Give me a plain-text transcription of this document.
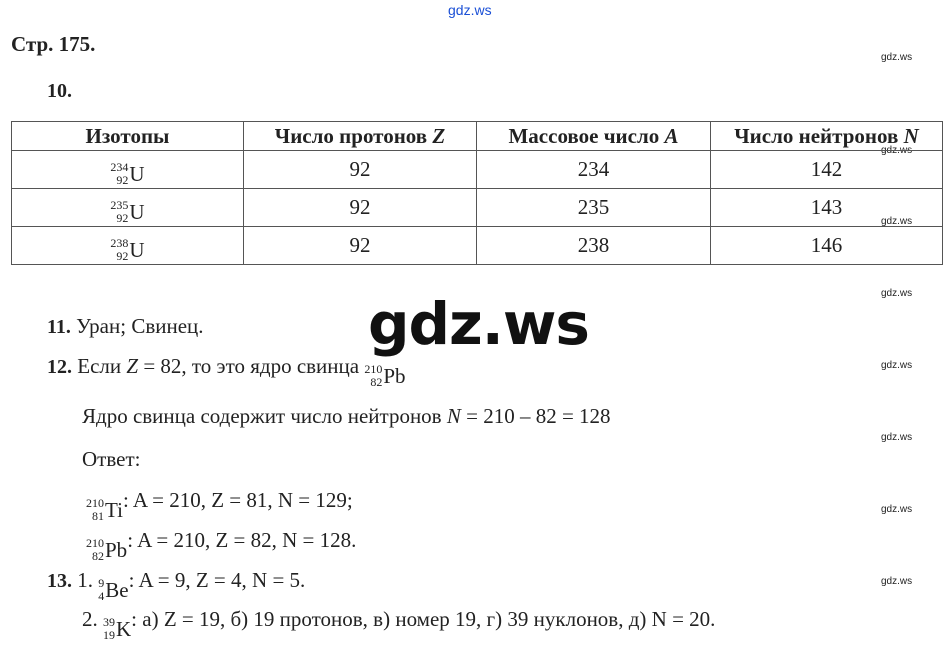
gdz.ws
Стр. 175.
gdz.ws
gdz.ws
gdz.ws
gdz.ws
gdz.ws
gdz.ws
gdz.ws
gdz.ws
10.
Изотопы	Число протонов Z	Массовое число A	Число нейтронов N

234
92 U	92	234	142

235
92 U	92	235	143

238
92 U	92	238	146
gdz.ws
11. Уран; Свинец.
12. Если Z = 82, то это ядро свинца 210
82 Pb
Ядро свинца содержит число нейтронов N = 210 – 82 = 128
Ответ:
210
81 Ti : A = 210, Z = 81, N = 129;
210
82 Pb : A = 210, Z = 82, N = 128.
13. 1. 9
4 Be : A = 9, Z = 4, N = 5.
2. 39
19 K : а) Z = 19, б) 19 протонов, в) номер 19, г) 39 нуклонов, д) N = 20.
